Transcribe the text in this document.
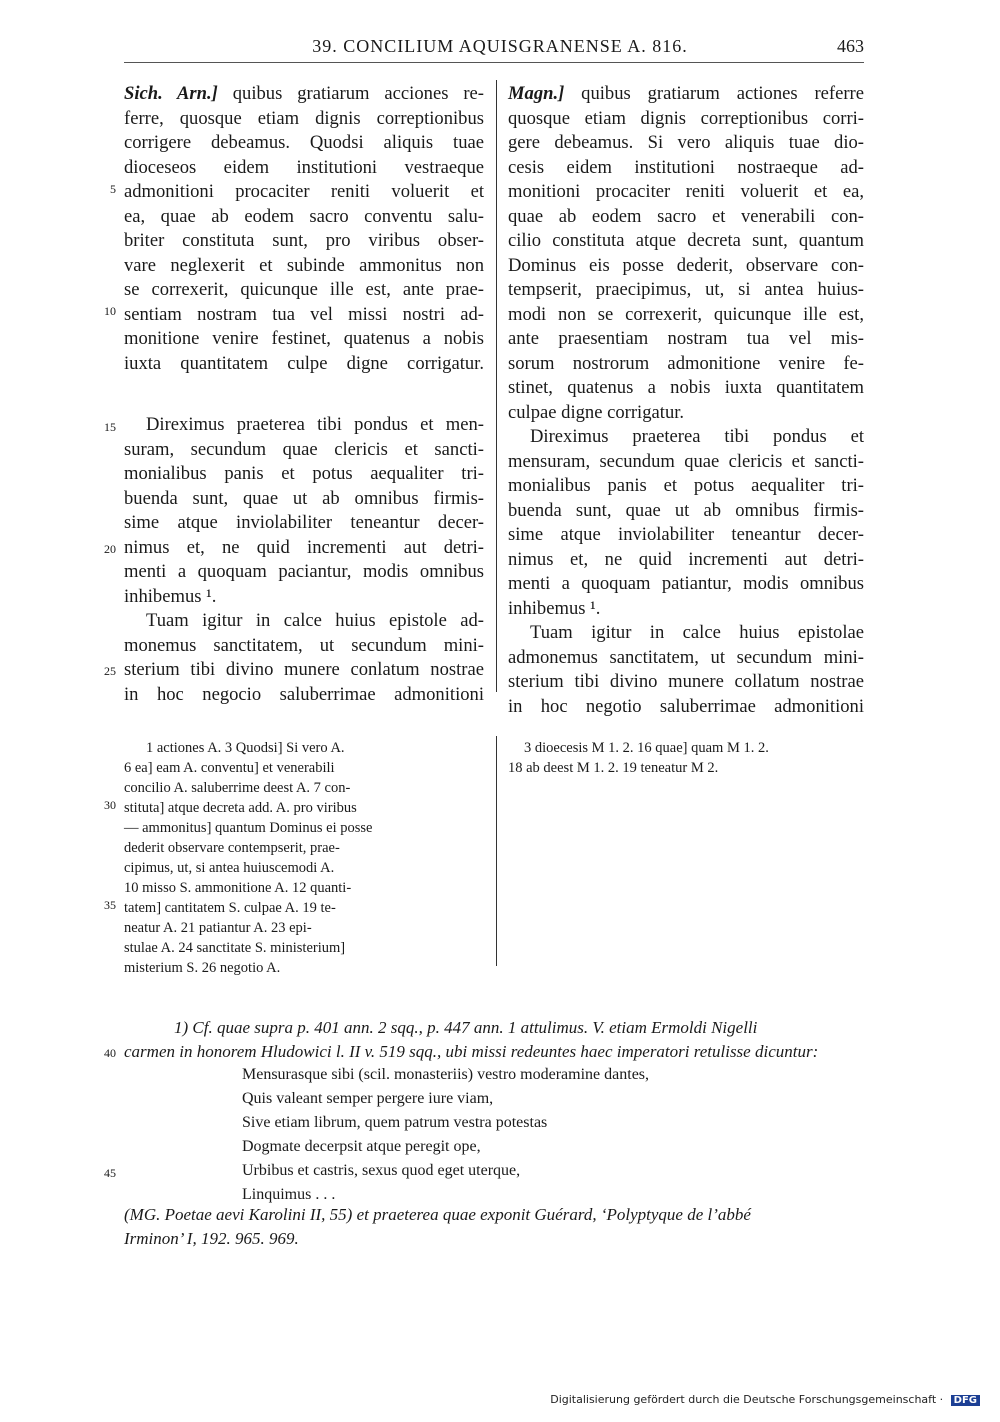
39. CONCILIUM AQUISGRANENSE A. 816.	463
5
10
15
20
25
Sich. Arn.] quibus gratiarum acciones re-
ferre, quosque etiam dignis correptionibus
corrigere debeamus. Quodsi aliquis tuae
dioceseos eidem institutioni vestraeque
admonitioni procaciter reniti voluerit et
ea, quae ab eodem sacro conventu salu-
briter constituta sunt, pro viribus obser-
vare neglexerit et subinde ammonitus non
se correxerit, quicunque ille est, ante prae-
sentiam nostram tua vel missi nostri ad-
monitione venire festinet, quatenus a nobis
iuxta quantitatem culpe digne corrigatur.
Direximus praeterea tibi pondus et men-
suram, secundum quae clericis et sancti-
monialibus panis et potus aequaliter tri-
buenda sunt, quae ut ab omnibus firmis-
sime atque inviolabiliter teneantur decer-
nimus et, ne quid incrementi aut detri-
menti a quoquam paciantur, modis omnibus
inhibemus ¹.
Tuam igitur in calce huius epistole ad-
monemus sanctitatem, ut secundum mini-
sterium tibi divino munere conlatum nostrae
in hoc negocio saluberrimae admonitioni
Magn.] quibus gratiarum actiones referre
quosque etiam dignis correptionibus corri-
gere debeamus. Si vero aliquis tuae dio-
cesis eidem institutioni nostraeque ad-
monitioni procaciter reniti voluerit et ea,
quae ab eodem sacro et venerabili con-
cilio constituta atque decreta sunt, quantum
Dominus eis posse dederit, observare con-
tempserit, praecipimus, ut, si antea huius-
modi non se correxerit, quicunque ille est,
ante praesentiam nostram tua vel mis-
sorum nostrorum admonitione venire fe-
stinet, quatenus a nobis iuxta quantitatem
culpae digne corrigatur.
Direximus praeterea tibi pondus et
mensuram, secundum quae clericis et sancti-
monialibus panis et potus aequaliter tri-
buenda sunt, quae ut ab omnibus firmis-
sime atque inviolabiliter teneantur decer-
nimus et, ne quid incrementi aut detri-
menti a quoquam patiantur, modis omnibus
inhibemus ¹.
Tuam igitur in calce huius epistolae
admonemus sanctitatem, ut secundum mini-
sterium tibi divino munere collatum nostrae
in hoc negotio saluberrimae admonitioni
30
35
1 actiones A. 3 Quodsi] Si vero A.
6 ea] eam A. conventu] et venerabili
concilio A. saluberrime deest A. 7 con-
stituta] atque decreta add. A. pro viribus
— ammonitus] quantum Dominus ei posse
dederit observare contempserit, prae-
cipimus, ut, si antea huiuscemodi A.
10 misso S. ammonitione A. 12 quanti-
tatem] cantitatem S. culpae A. 19 te-
neatur A. 21 patiantur A. 23 epi-
stulae A. 24 sanctitate S. ministerium]
misterium S. 26 negotio A.
3 dioecesis M 1. 2. 16 quae] quam M 1. 2.
18 ab deest M 1. 2. 19 teneatur M 2.
40
45
1) Cf. quae supra p. 401 ann. 2 sqq., p. 447 ann. 1 attulimus. V. etiam Ermoldi Nigelli
carmen in honorem Hludowici l. II v. 519 sqq., ubi missi redeuntes haec imperatori retulisse dicuntur:
Mensurasque sibi (scil. monasteriis) vestro moderamine dantes,
Quis valeant semper pergere iure viam,
Sive etiam librum, quem patrum vestra potestas
Dogmate decerpsit atque peregit ope,
Urbibus et castris, sexus quod eget uterque,
Linquimus . . .
(MG. Poetae aevi Karolini II, 55) et praeterea quae exponit Guérard, ‘Polyptyque de l’abbé
Irminon’ I, 192. 965. 969.
Digitalisierung gefördert durch die Deutsche Forschungsgemeinschaft · DFG
